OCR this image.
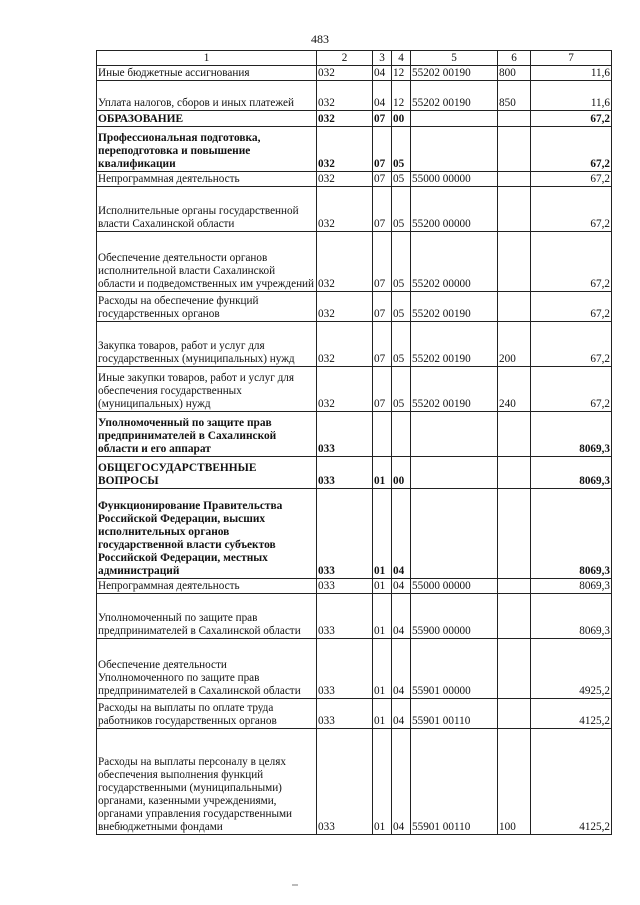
483
1	2	3	4	5	6	7
Иные бюджетные ассигнования	032	04	12	55202 00190	800	11,6
Уплата налогов, сборов и иных платежей	032	04	12	55202 00190	850	11,6
ОБРАЗОВАНИЕ	032	07	00			67,2
Профессиональная подготовка, переподготовка и повышение квалификации	032	07	05			67,2
Непрограммная деятельность	032	07	05	55000 00000		67,2
Исполнительные органы государственной власти Сахалинской области	032	07	05	55200 00000		67,2
Обеспечение деятельности органов исполнительной власти Сахалинской области и подведомственных им учреждений	032	07	05	55202 00000		67,2
Расходы на обеспечение функций государственных органов	032	07	05	55202 00190		67,2
Закупка товаров, работ и услуг для государственных (муниципальных) нужд	032	07	05	55202 00190	200	67,2
Иные закупки товаров, работ и услуг для обеспечения государственных (муниципальных) нужд	032	07	05	55202 00190	240	67,2
Уполномоченный по защите прав предпринимателей в Сахалинской области и его аппарат	033					8069,3
ОБЩЕГОСУДАРСТВЕННЫЕ ВОПРОСЫ	033	01	00			8069,3
Функционирование Правительства Российской Федерации, высших исполнительных органов государственной власти субъектов Российской Федерации, местных администраций	033	01	04			8069,3
Непрограммная деятельность	033	01	04	55000 00000		8069,3
Уполномоченный по защите прав предпринимателей в Сахалинской области	033	01	04	55900 00000		8069,3
Обеспечение деятельности Уполномоченного по защите прав предпринимателей в Сахалинской области	033	01	04	55901 00000		4925,2
Расходы на выплаты по оплате труда работников государственных органов	033	01	04	55901 00110		4125,2
Расходы на выплаты персоналу в целях обеспечения выполнения функций государственными (муниципальными) органами, казенными учреждениями, органами управления государственными внебюджетными фондами	033	01	04	55901 00110	100	4125,2
